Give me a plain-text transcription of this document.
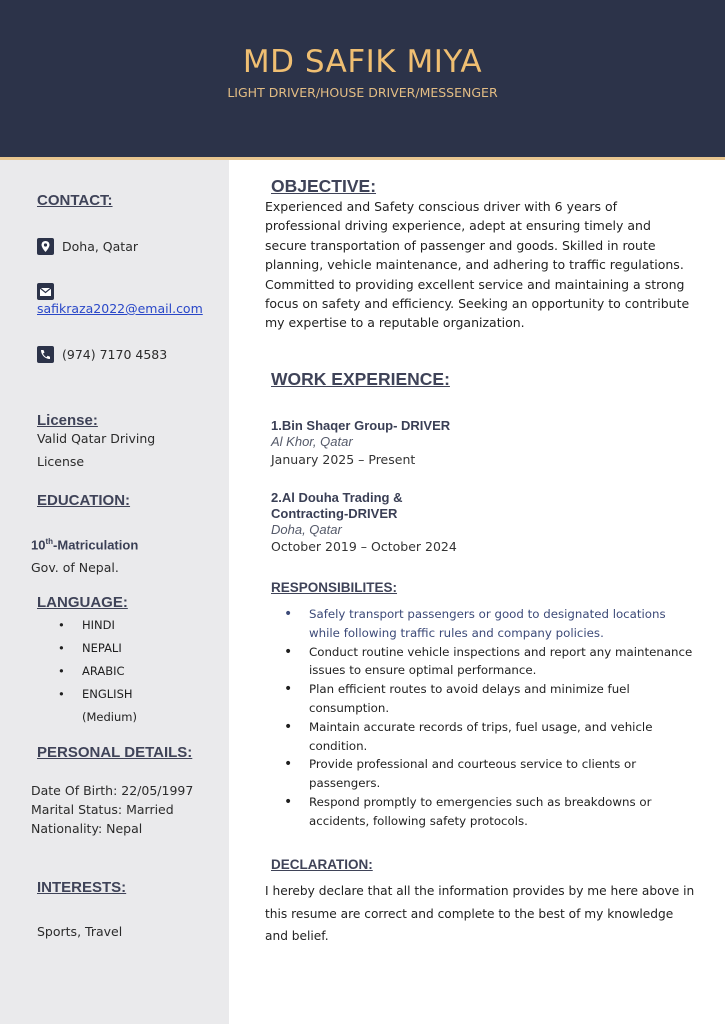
MD SAFIK MIYA
LIGHT DRIVER/HOUSE DRIVER/MESSENGER
CONTACT:
Doha, Qatar
safikraza2022@email.com
(974) 7170 4583
License:
Valid Qatar Driving
License
EDUCATION:
10th-Matriculation
Gov. of Nepal.
LANGUAGE:
• HINDI
• NEPALI
• ARABIC
• ENGLISH
(Medium)
PERSONAL DETAILS:
Date Of Birth: 22/05/1997
Marital Status: Married
Nationality: Nepal
INTERESTS:
Sports, Travel
OBJECTIVE:
Experienced and Safety conscious driver with 6 years of professional driving experience, adept at ensuring timely and secure transportation of passenger and goods. Skilled in route planning, vehicle maintenance, and adhering to traffic regulations. Committed to providing excellent service and maintaining a strong focus on safety and efficiency. Seeking an opportunity to contribute my expertise to a reputable organization.
WORK EXPERIENCE:
1.Bin Shaqer Group- DRIVER
Al Khor, Qatar
January 2025 – Present
2.Al Douha Trading &
Contracting-DRIVER
Doha, Qatar
October 2019 – October 2024
RESPONSIBILITES:
• Safely transport passengers or good to designated locations while following traffic rules and company policies.
• Conduct routine vehicle inspections and report any maintenance issues to ensure optimal performance.
• Plan efficient routes to avoid delays and minimize fuel consumption.
• Maintain accurate records of trips, fuel usage, and vehicle condition.
• Provide professional and courteous service to clients or passengers.
• Respond promptly to emergencies such as breakdowns or accidents, following safety protocols.
DECLARATION:
I hereby declare that all the information provides by me here above in this resume are correct and complete to the best of my knowledge and belief.
